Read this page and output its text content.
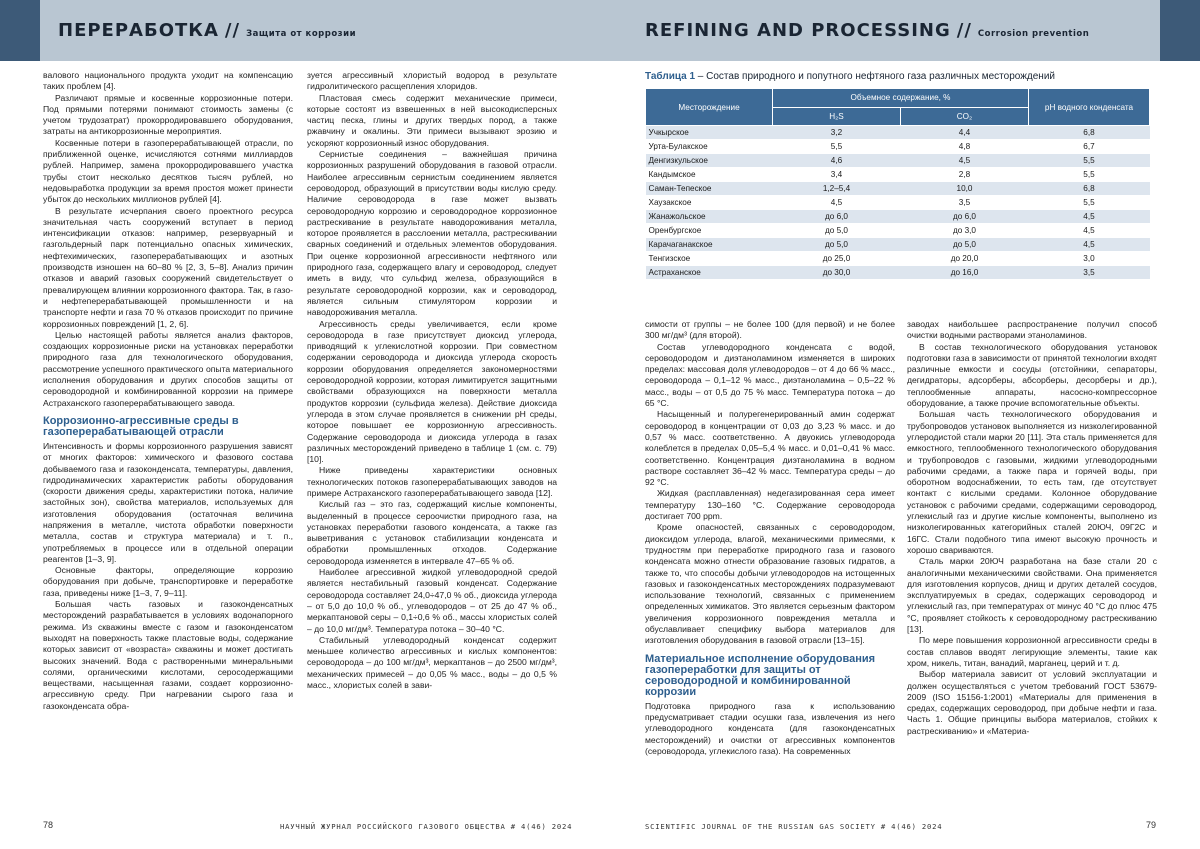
ПЕРЕРАБОТКА // Защита от коррозии

валового национального продукта уходит на компенсацию таких проблем [4].

Различают прямые и косвенные коррозионные потери. Под прямыми потерями понимают стоимость замены (с учетом трудозатрат) прокорродировавшего оборудования, затраты на антикоррозионные мероприятия.

Косвенные потери в газоперерабатывающей отрасли, по приближенной оценке, исчисляются сотнями миллиардов рублей. Например, замена прокорродировавшего участка трубы стоит несколько десятков тысяч рублей, но недовыработка продукции за время простоя может принести убыток до нескольких миллионов рублей [4].

В результате исчерпания своего проектного ресурса значительная часть сооружений вступает в период интенсификации отказов: например, резервуарный и газгольдерный парк потенциально опасных химических, нефтехимических, газоперерабатывающих и азотных производств изношен на 60–80 % [2, 3, 5–8]. Анализ причин отказов и аварий газовых сооружений свидетельствует о превалирующем влиянии коррозионного фактора. Так, в газо- и нефтеперерабатывающей промышленности и на транспорте нефти и газа 70 % отказов происходит по причине коррозионных повреждений [1, 2, 6].

Целью настоящей работы является анализ факторов, создающих коррозионные риски на установках переработки природного газа для технологического оборудования, рассмотрение успешного практического опыта материального исполнения оборудования и других способов защиты от сероводородной и комбинированной коррозии на примере Астраханского газоперерабатывающего завода.

Коррозионно-агрессивные среды в газоперерабатывающей отрасли

Интенсивность и формы коррозионного разрушения зависят от многих факторов: химического и фазового состава добываемого газа и газоконденсата, температуры, давления, гидродинамических характеристик работы оборудования (скорости движения среды, характеристики потока, наличие застойных зон), свойства материалов, используемых для изготовления оборудования (остаточная величина напряжения в металле, чистота обработки поверхности металла, состав и структура материала) и т. п., употребляемых в процессе или в отдельной операции реагентов [1–3, 9].

Основные факторы, определяющие коррозию оборудования при добыче, транспортировке и переработке газа, приведены ниже [1–3, 7, 9–11].

Большая часть газовых и газоконденсатных месторождений разрабатывается в условиях водонапорного режима. Из скважины вместе с газом и газоконденсатом выходят на поверхность также пластовые воды, содержание которых зависит от «возраста» скважины и может достигать высоких значений. Вода с растворенными минеральными солями, органическими кислотами, серосодержащими веществами, насыщенная газами, создает коррозионно-агрессивную среду. При нагревании сырого газа и газоконденсата обра-

зуется агрессивный хлористый водород в результате гидролитического расщепления хлоридов.

Пластовая смесь содержит механические примеси, которые состоят из взвешенных в ней высокодисперсных частиц песка, глины и других твердых пород, а также ржавчину и окалины. Эти примеси вызывают эрозию и ускоряют коррозионный износ оборудования.

Сернистые соединения – важнейшая причина коррозионных разрушений оборудования в газовой отрасли. Наиболее агрессивным сернистым соединением является сероводород, образующий в присутствии воды кислую среду. Наличие сероводорода в газе может вызвать сероводородную коррозию и сероводородное коррозионное растрескивание в результате наводороживания металла, которое проявляется в расслоении металла, растрескивании сварных соединений и отдельных элементов оборудования. При оценке коррозионной агрессивности нефтяного или природного газа, содержащего влагу и сероводород, следует иметь в виду, что сульфид железа, образующийся в результате сероводородной коррозии, как и сероводород, является сильным стимулятором коррозии и наводороживания металла.

Агрессивность среды увеличивается, если кроме сероводорода в газе присутствует диоксид углерода, приводящий к углекислотной коррозии. При совместном содержании сероводорода и диоксида углерода скорость коррозии оборудования определяется закономерностями сероводородной коррозии, которая лимитируется защитными свойствами образующихся на поверхности металла продуктов коррозии (сульфида железа). Действие диоксида углерода в этом случае проявляется в снижении pH среды, которое повышает ее коррозионную агрессивность. Содержание сероводорода и диоксида углерода в газах различных месторождений приведено в таблице 1 (см. с. 79) [10].

Ниже приведены характеристики основных технологических потоков газоперерабатывающих заводов на примере Астраханского газоперерабатывающего завода [12].

Кислый газ – это газ, содержащий кислые компоненты, выделенный в процессе сероочистки природного газа, на установках переработки газового конденсата, а также газ выветривания с установок стабилизации конденсата и обработки промышленных отходов. Содержание сероводорода изменяется в интервале 47–65 % об.

Наиболее агрессивной жидкой углеводородной средой является нестабильный газовый конденсат. Содержание сероводорода составляет 24,0÷47,0 % об., диоксида углерода – от 5,0 до 10,0 % об., углеводородов – от 25 до 47 % об., меркаптановой серы – 0,1÷0,6 % об., массы хлористых солей – до 10,0 мг/дм³. Температура потока – 30–40 °С.

Стабильный углеводородный конденсат содержит меньшее количество агрессивных и кислых компонентов: сероводорода – до 100 мг/дм³, меркаптанов – до 2500 мг/дм³, механических примесей – до 0,05 % масс., воды – до 0,5 % масс., хлористых солей в зави-

78	НАУЧНЫЙ ЖУРНАЛ РОССИЙСКОГО ГАЗОВОГО ОБЩЕСТВА # 4(46) 2024
REFINING AND PROCESSING // Corrosion prevention
Таблица 1 – Состав природного и попутного нефтяного газа различных месторождений
Месторождение	Объемное содержание, %		pH водного конденсата
	H₂S	CO₂	
Учкырское	3,2	4,4	6,8
Урта-Булакское	5,5	4,8	6,7
Денгизкульское	4,6	4,5	5,5
Кандымское	3,4	2,8	5,5
Саман-Тепеское	1,2–5,4	10,0	6,8
Хаузакское	4,5	3,5	5,5
Жанажольское	до 6,0	до 6,0	4,5
Оренбургское	до 5,0	до 3,0	4,5
Карачаганакское	до 5,0	до 5,0	4,5
Тенгизское	до 25,0	до 20,0	3,0
Астраханское	до 30,0	до 16,0	3,5

симости от группы – не более 100 (для первой) и не более 300 мг/дм³ (для второй).

Состав углеводородного конденсата с водой, сероводородом и диэтаноламином изменяется в широких пределах: массовая доля углеводородов – от 4 до 66 % масс., сероводорода – 0,1–12 % масс., диэтаноламина – 0,5–22 % масс., воды – от 0,5 до 75 % масс. Температура потока – до 65 °С.

Насыщенный и полурегенерированный амин содержат сероводород в концентрации от 0,03 до 3,23 % масс. и до 0,57 % масс. соответственно. А двуокись углеводорода колеблется в пределах 0,05–5,4 % масс. и 0,01–0,41 % масс. соответственно. Концентрация диэтаноламина в водном растворе составляет 36–42 % масс. Температура среды – до 92 °С.

Жидкая (расплавленная) недегазированная сера имеет температуру 130–160 °С. Содержание сероводорода достигает 700 ppm.

Кроме опасностей, связанных с сероводородом, диоксидом углерода, влагой, механическими примесями, к трудностям при переработке природного газа и газового конденсата можно отнести образование газовых гидратов, а также то, что способы добычи углеводородов на истощенных газовых и газоконденсатных месторождениях подразумевают использование технологий, связанных с применением определенных химикатов. Это является серьезным фактором увеличения коррозионного повреждения металла и обуславливает специфику выбора материалов для изготовления оборудования в газовой отрасли [13–15].

Материальное исполнение оборудования газопереработки для защиты от сероводородной и комбинированной коррозии

Подготовка природного газа к использованию предусматривает стадии осушки газа, извлечения из него углеводородного конденсата (для газоконденсатных месторождений) и очистки от агрессивных компонентов (сероводорода, углекислого газа). На современных

заводах наибольшее распространение получил способ очистки водными растворами этаноламинов.

В состав технологического оборудования установок подготовки газа в зависимости от принятой технологии входят различные емкости и сосуды (отстойники, сепараторы, дегидраторы, адсорберы, абсорберы, десорберы и др.), теплообменные аппараты, насосно-компрессорное оборудование, а также прочие вспомогательные объекты.

Большая часть технологического оборудования и трубопроводов установок выполняется из низколегированной углеродистой стали марки 20 [11]. Эта сталь применяется для емкостного, теплообменного технологического оборудования и трубопроводов с газовыми, жидкими углеводородными рабочими средами, а также пара и горячей воды, при оборотном водоснабжении, то есть там, где отсутствует контакт с кислыми средами. Колонное оборудование установок с рабочими средами, содержащими сероводород, углекислый газ и другие кислые компоненты, выполнено из низколегированных категорийных сталей 20ЮЧ, 09Г2С и 16ГС. Стали подобного типа имеют высокую прочность и хорошо свариваются.

Сталь марки 20ЮЧ разработана на базе стали 20 с аналогичными механическими свойствами. Она применяется для изготовления корпусов, днищ и других деталей сосудов, эксплуатируемых в средах, содержащих сероводород и углекислый газ, при температурах от минус 40 °С до плюс 475 °С, проявляет стойкость к сероводородному растрескиванию [13].

По мере повышения коррозионной агрессивности среды в состав сплавов вводят легирующие элементы, такие как хром, никель, титан, ванадий, марганец, церий и т. д.

Выбор материала зависит от условий эксплуатации и должен осуществляться с учетом требований ГОСТ 53679-2009 (ISO 15156-1:2001) «Материалы для применения в средах, содержащих сероводород, при добыче нефти и газа. Часть 1. Общие принципы выбора материалов, стойких к растрескиванию» и «Материа-

SCIENTIFIC JOURNAL OF THE RUSSIAN GAS SOCIETY # 4(46) 2024	79
